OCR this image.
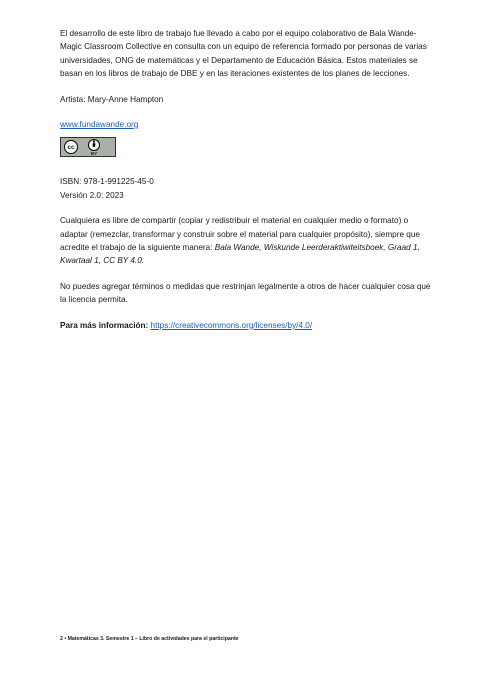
El desarrollo de este libro de trabajo fue llevado a cabo por el equipo colaborativo de Bala Wande-Magic Classroom Collective en consulta con un equipo de referencia formado por personas de varias universidades, ONG de matemáticas y el Departamento de Educación Básica. Estos materiales se basan en los libros de trabajo de DBE y en las iteraciones existentes de los planes de lecciones.

Artista: Mary-Anne Hampton

www.fundawande.org

cc
BY

ISBN: 978-1-991225-45-0

Versión 2.0: 2023

Cualquiera es libre de compartir (copiar y redistribuir el material en cualquier medio o formato) o adaptar (remezclar, transformar y construir sobre el material para cualquier propósito), siempre que acredite el trabajo de la siguiente manera: Bala Wande, Wiskunde Leerderaktiwiteitsboek, Graad 1, Kwartaal 1, CC BY 4.0.

No puedes agregar términos o medidas que restrinjan legalmente a otros de hacer cualquier cosa que la licencia permita.

Para más información: https://creativecommons.org/licenses/by/4.0/

2 • Matemáticas 3. Semestre 1 – Libro de actividades para el participante
